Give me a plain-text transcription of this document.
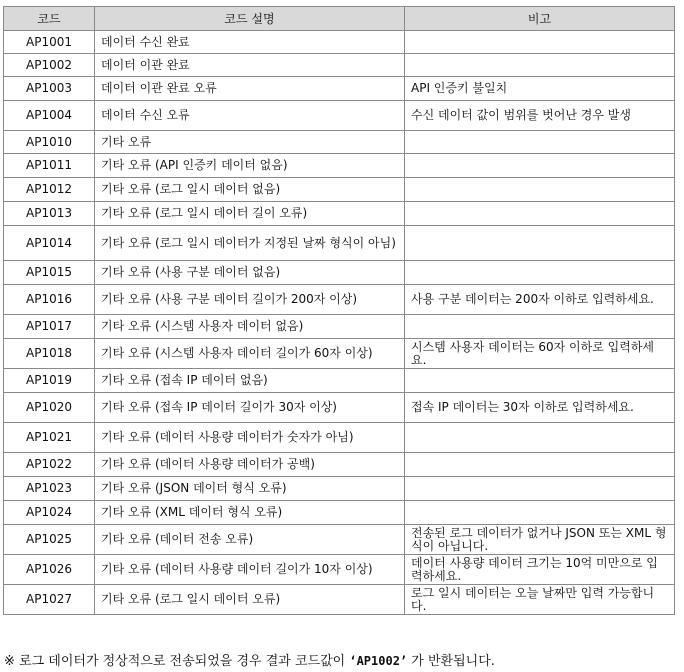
코드	코드 설명	비고
AP1001	데이터 수신 완료	
AP1002	데이터 이관 완료	
AP1003	데이터 이관 완료 오류	API 인증키 불일치
AP1004	데이터 수신 오류	수신 데이터 값이 범위를 벗어난 경우 발생
AP1010	기타 오류	
AP1011	기타 오류 (API 인증키 데이터 없음)	
AP1012	기타 오류 (로그 일시 데이터 없음)	
AP1013	기타 오류 (로그 일시 데이터 길이 오류)	
AP1014	기타 오류 (로그 일시 데이터가 지정된 날짜 형식이 아님)	
AP1015	기타 오류 (사용 구분 데이터 없음)	
AP1016	기타 오류 (사용 구분 데이터 길이가 200자 이상)	사용 구분 데이터는 200자 이하로 입력하세요.
AP1017	기타 오류 (시스템 사용자 데이터 없음)	
AP1018	기타 오류 (시스템 사용자 데이터 길이가 60자 이상)	시스템 사용자 데이터는 60자 이하로 입력하세요.
AP1019	기타 오류 (접속 IP 데이터 없음)	
AP1020	기타 오류 (접속 IP 데이터 길이가 30자 이상)	접속 IP 데이터는 30자 이하로 입력하세요.
AP1021	기타 오류 (데이터 사용량 데이터가 숫자가 아님)	
AP1022	기타 오류 (데이터 사용량 데이터가 공백)	
AP1023	기타 오류 (JSON 데이터 형식 오류)	
AP1024	기타 오류 (XML 데이터 형식 오류)	
AP1025	기타 오류 (데이터 전송 오류)	전송된 로그 데이터가 없거나 JSON 또는 XML 형식이 아닙니다.
AP1026	기타 오류 (데이터 사용량 데이터 길이가 10자 이상)	데이터 사용량 데이터 크기는 10억 미만으로 입력하세요.
AP1027	기타 오류 (로그 일시 데이터 오류)	로그 일시 데이터는 오늘 날짜만 입력 가능합니다.
※ 로그 데이터가 정상적으로 전송되었을 경우 결과 코드값이 ‘AP1002’ 가 반환됩니다.
